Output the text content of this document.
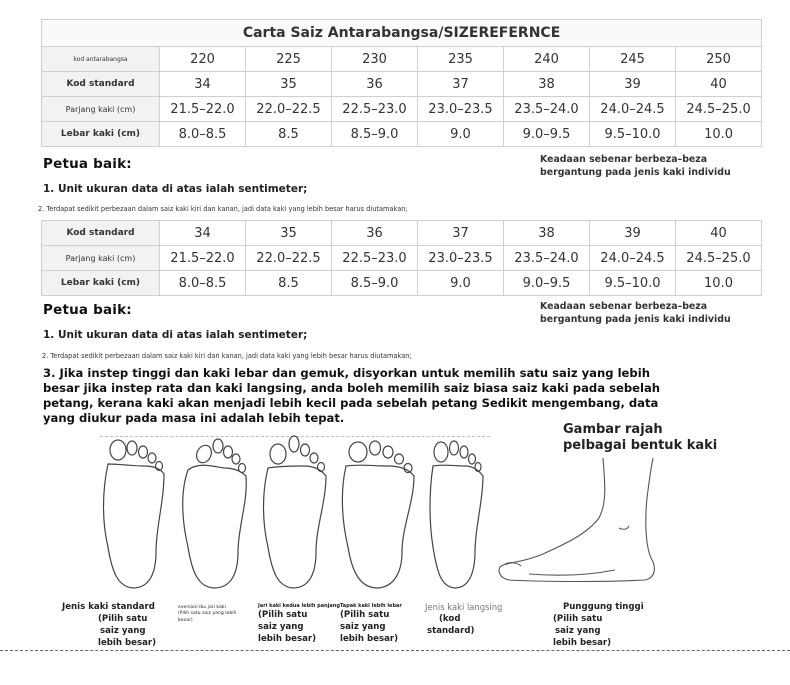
Carta Saiz Antarabangsa/SIZEREFERNCE							
kod antarabangsa	220	225	230	235	240	245	250
Kod standard	34	35	36	37	38	39	40
Parjang kaki (cm)	21.5–22.0	22.0–22.5	22.5–23.0	23.0–23.5	23.5–24.0	24.0–24.5	24.5–25.0
Lebar kaki (cm)	8.0–8.5	8.5	8.5–9.0	9.0	9.0–9.5	9.5–10.0	10.0
Petua baik:	Keadaan sebenar berbeza–beza
bergantung pada jenis kaki individu
1. Unit ukuran data di atas ialah sentimeter;
2. Terdapat sedikit perbezaan dalam saiz kaki kiri dan kanan, jadi data kaki yang lebih besar harus diutamakan;
Kod standard	34	35	36	37	38	39	40
Parjang kaki (cm)	21.5–22.0	22.0–22.5	22.5–23.0	23.0–23.5	23.5–24.0	24.0–24.5	24.5–25.0
Lebar kaki (cm)	8.0–8.5	8.5	8.5–9.0	9.0	9.0–9.5	9.5–10.0	10.0
Petua baik:	Keadaan sebenar berbeza–beza
bergantung pada jenis kaki individu
1. Unit ukuran data di atas ialah sentimeter;
2. Terdapat sedikit perbezaan dalam saiz kaki kiri dan kanan, jadi data kaki yang lebih besar harus diutamakan;
3. Jika instep tinggi dan kaki lebar dan gemuk, disyorkan untuk memilih satu saiz yang lebih besar jika instep rata dan kaki langsing, anda boleh memilih saiz biasa saiz kaki pada sebelah petang, kerana kaki akan menjadi lebih kecil pada sebelah petang Sedikit mengembang, data yang diukur pada masa ini adalah lebih tepat.
Gambar rajah
pelbagai bentuk kaki
Jenis kaki standard
(Pilih satu
saiz yang
lebih besar)
eversion ibu jari kaki
(Pilih satu saiz yang lebih
besar)
Jari kaki kedua lebih panjang
(Pilih satu
saiz yang
lebih besar)
Tapak kaki lebih lebar
(Pilih satu
saiz yang
lebih besar)
Jenis kaki langsing
(kod
standard)
Punggung tinggi
(Pilih satu
saiz yang
lebih besar)
